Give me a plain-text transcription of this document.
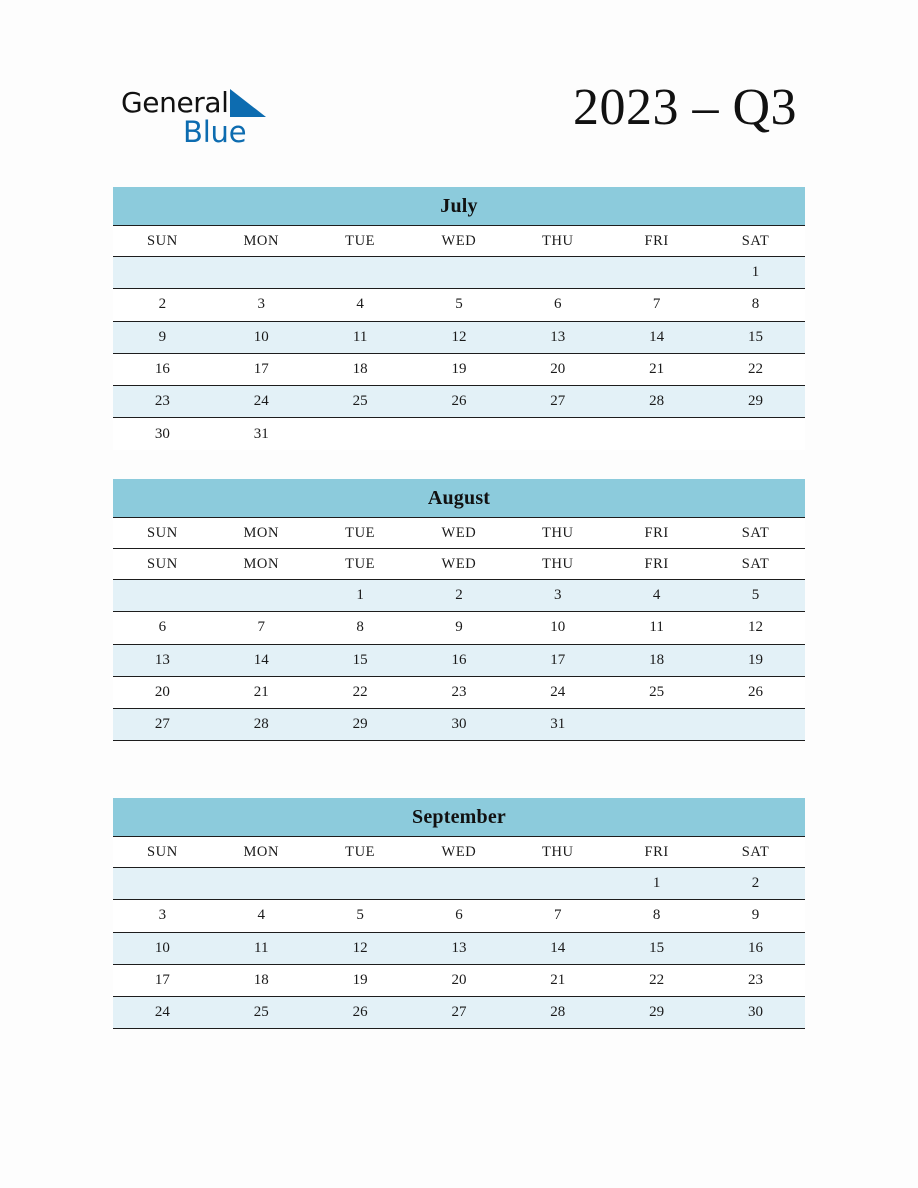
General
Blue	2023 – Q3
July						
SUN	MON	TUE	WED	THU	FRI	SAT
						1
2	3	4	5	6	7	8
9	10	11	12	13	14	15
16	17	18	19	20	21	22
23	24	25	26	27	28	29
30	31					
August						
SUN	MON	TUE	WED	THU	FRI	SAT
SUN	MON	TUE	WED	THU	FRI	SAT
		1	2	3	4	5
6	7	8	9	10	11	12
13	14	15	16	17	18	19
20	21	22	23	24	25	26
27	28	29	30	31		
September						
SUN	MON	TUE	WED	THU	FRI	SAT
					1	2
3	4	5	6	7	8	9
10	11	12	13	14	15	16
17	18	19	20	21	22	23
24	25	26	27	28	29	30
